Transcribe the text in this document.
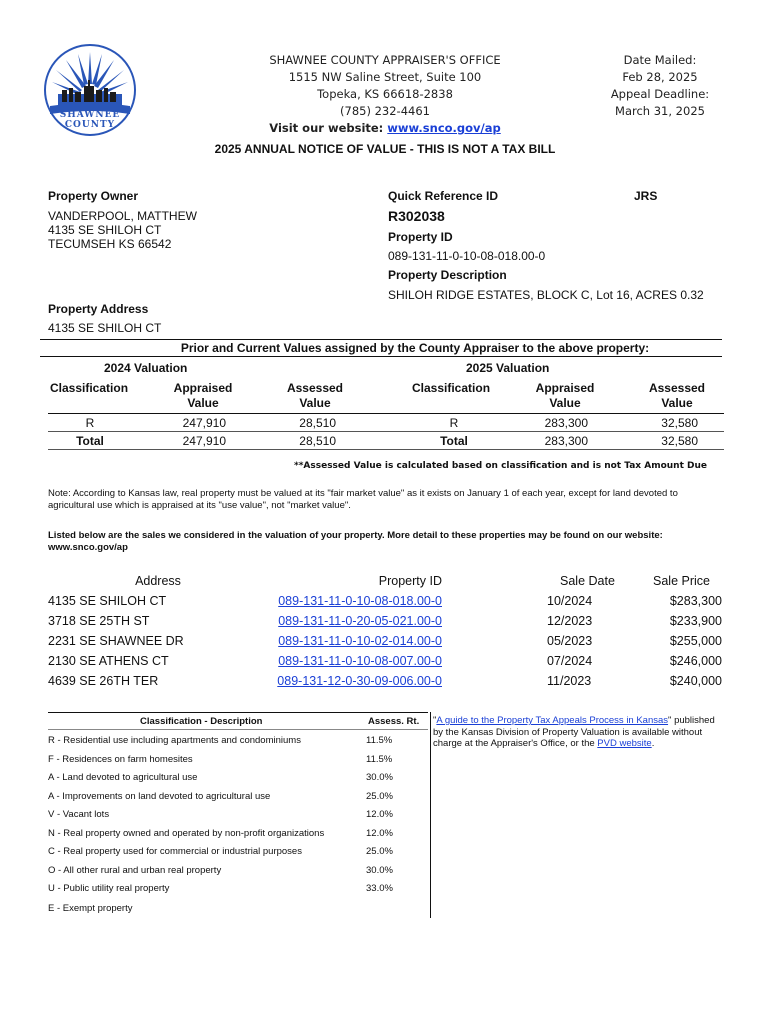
SHAWNEE
COUNTY
SHAWNEE COUNTY APPRAISER'S OFFICE
1515 NW Saline Street, Suite 100
Topeka, KS 66618-2838
(785) 232-4461
Visit our website: www.snco.gov/ap
Date Mailed:
Feb 28, 2025
Appeal Deadline:
March 31, 2025
2025 ANNUAL NOTICE OF VALUE - THIS IS NOT A TAX BILL
Property Owner
VANDERPOOL, MATTHEW
4135 SE SHILOH CT
TECUMSEH KS 66542
Quick Reference ID	JRS
R302038
Property ID
089-131-11-0-10-08-018.00-0
Property Description
SHILOH RIDGE ESTATES, BLOCK C, Lot 16, ACRES 0.32
Property Address
4135 SE SHILOH CT
Prior and Current Values assigned by the County Appraiser to the above property:
2024 Valuation	2025 Valuation
Classification	Appraised
Value
Assessed
Value
Classification	Appraised
Value
Assessed
Value
R	247,910	28,510	R	283,300	32,580
Total	247,910	28,510	Total	283,300	32,580
**Assessed Value is calculated based on classification and is not Tax Amount Due
Note: According to Kansas law, real property must be valued at its "fair market value" as it exists on January 1 of each year, except for land devoted to agricultural use which is appraised at its "use value", not "market value".
Listed below are the sales we considered in the valuation of your property. More detail to these properties may be found on our website: www.snco.gov/ap
Address	Property ID	Sale Date	Sale Price
4135 SE SHILOH CT	089-131-11-0-10-08-018.00-0	10/2024	$283,300
3718 SE 25TH ST	089-131-11-0-20-05-021.00-0	12/2023	$233,900
2231 SE SHAWNEE DR	089-131-11-0-10-02-014.00-0	05/2023	$255,000
2130 SE ATHENS CT	089-131-11-0-10-08-007.00-0	07/2024	$246,000
4639 SE 26TH TER	089-131-12-0-30-09-006.00-0	11/2023	$240,000
Classification - Description	Assess. Rt.
R - Residential use including apartments and condominiums	11.5%
F - Residences on farm homesites	11.5%
A - Land devoted to agricultural use	30.0%
A - Improvements on land devoted to agricultural use	25.0%
V - Vacant lots	12.0%
N - Real property owned and operated by non-profit organizations	12.0%
C - Real property used for commercial or industrial purposes	25.0%
O - All other rural and urban real property	30.0%
U - Public utility real property	33.0%
E - Exempt property
"A guide to the Property Tax Appeals Process in Kansas" published by the Kansas Division of Property Valuation is available without charge at the Appraiser's Office, or the PVD website.
